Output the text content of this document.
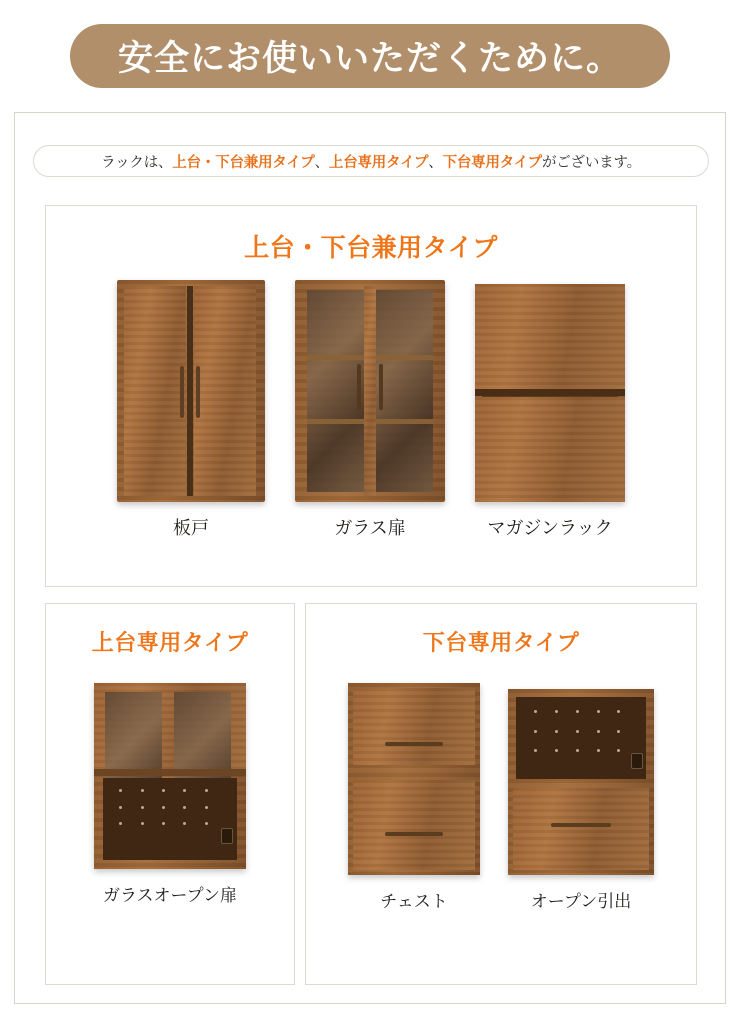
安全にお使いいただくために。
ラックは、上台・下台兼用タイプ、上台専用タイプ、下台専用タイプがございます。
上台・下台兼用タイプ
板戸	ガラス扉	マガジンラック
上台専用タイプ
ガラスオープン扉
下台専用タイプ
チェスト	オープン引出
